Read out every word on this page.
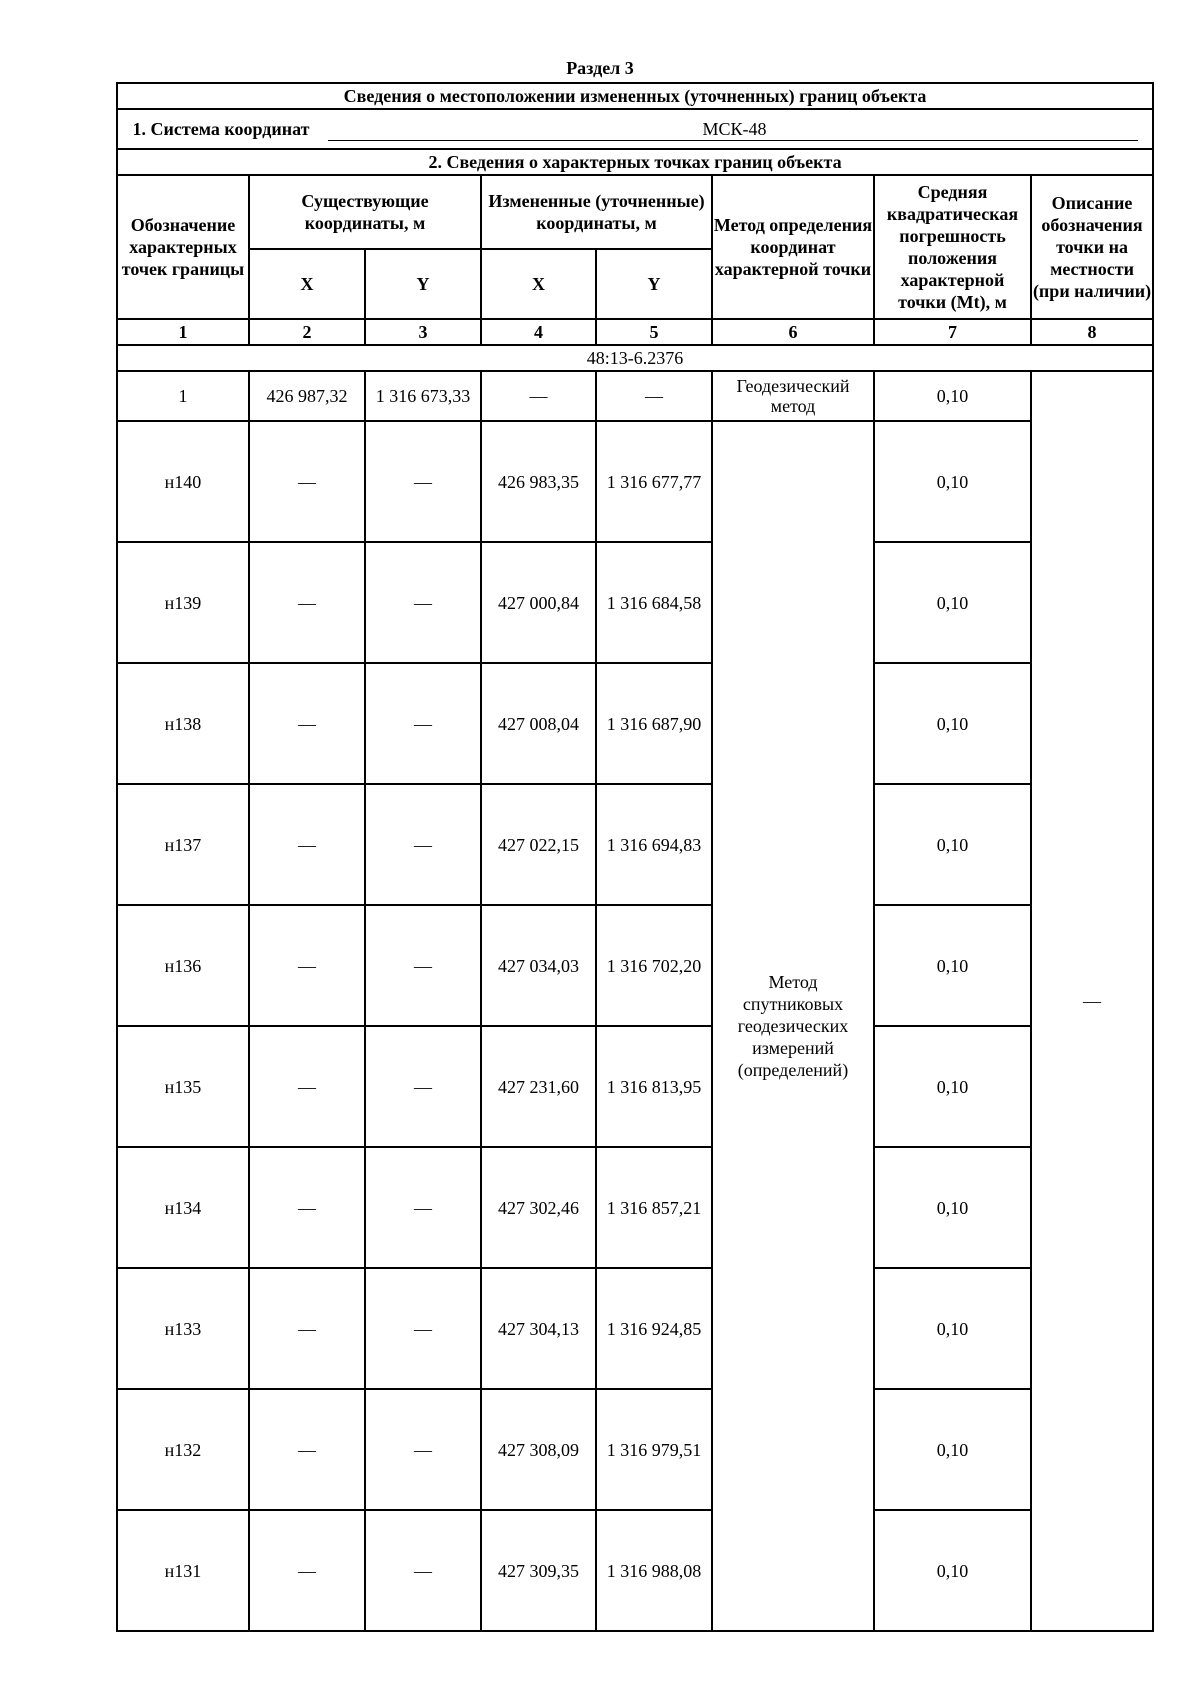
Раздел 3
Сведения о местоположении измененных (уточненных) границ объекта							
1. Система координат МСК-48							
2. Сведения о характерных точках границ объекта							
Обозначение характерных точек границы	Существующие координаты, м		Измененные (уточненные) координаты, м		Метод определения координат характерной точки	Средняя квадратическая погрешность положения характерной точки (Mt), м	Описание обозначения точки на местности (при наличии)
	X	Y	X	Y			
1	2	3	4	5	6	7	8
48:13-6.2376							
1	426 987,32	1 316 673,33	—	—	Геодезический метод	0,10	—
н140	—	—	426 983,35	1 316 677,77	Метод спутниковых геодезических измерений (определений)	0,10	
н139	—	—	427 000,84	1 316 684,58		0,10	
н138	—	—	427 008,04	1 316 687,90		0,10	
н137	—	—	427 022,15	1 316 694,83		0,10	
н136	—	—	427 034,03	1 316 702,20		0,10	
н135	—	—	427 231,60	1 316 813,95		0,10	
н134	—	—	427 302,46	1 316 857,21		0,10	
н133	—	—	427 304,13	1 316 924,85		0,10	
н132	—	—	427 308,09	1 316 979,51		0,10	
н131	—	—	427 309,35	1 316 988,08		0,10	
